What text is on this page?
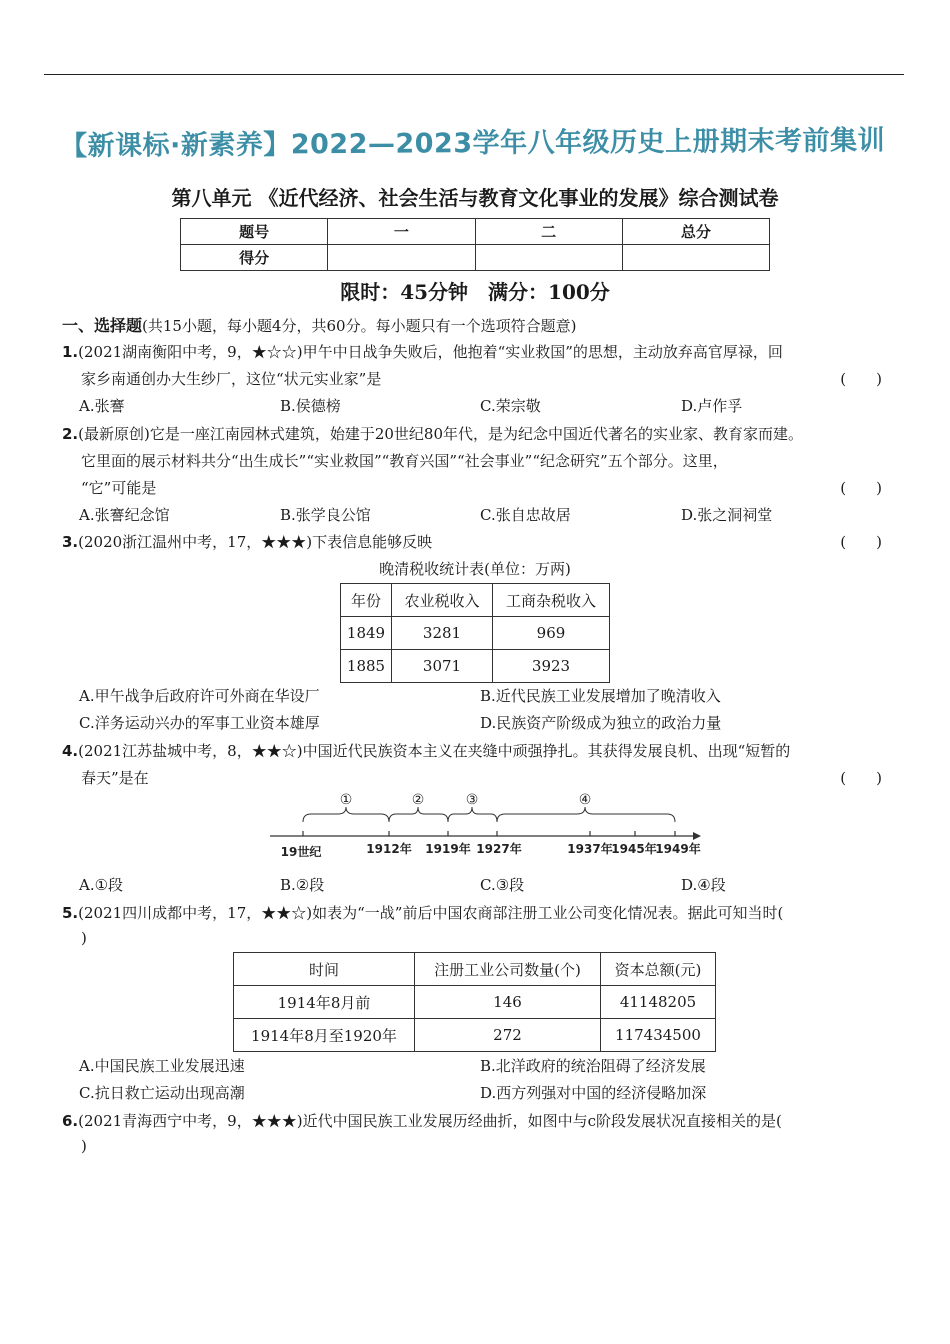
【新课标·新素养】2022—2023学年八年级历史上册期末考前集训
第八单元 《近代经济、社会生活与教育文化事业的发展》综合测试卷
题号	一	二	总分
得分			
限时：45分钟　满分：100分
一、选择题(共15小题，每小题4分，共60分。每小题只有一个选项符合题意)
1.(2021湖南衡阳中考，9，★☆☆)甲午中日战争失败后，他抱着“实业救国”的思想，主动放弃高官厚禄，回
家乡南通创办大生纱厂，这位“状元实业家”是	(　　)
A.张謇	B.侯德榜	C.荣宗敬	D.卢作孚
2.(最新原创)它是一座江南园林式建筑，始建于20世纪80年代，是为纪念中国近代著名的实业家、教育家而建。
它里面的展示材料共分“出生成长”“实业救国”“教育兴国”“社会事业”“纪念研究”五个部分。这里，
“它”可能是	(　　)
A.张謇纪念馆	B.张学良公馆	C.张自忠故居	D.张之洞祠堂
3.(2020浙江温州中考，17，★★★)下表信息能够反映	(　　)
晚清税收统计表(单位：万两)
年份	农业税收入	工商杂税收入
1849	3281	969
1885	3071	3923
A.甲午战争后政府许可外商在华设厂	B.近代民族工业发展增加了晚清收入
C.洋务运动兴办的军事工业资本雄厚	D.民族资产阶级成为独立的政治力量
4.(2021江苏盐城中考，8，★★☆)中国近代民族资本主义在夹缝中顽强挣扎。其获得发展良机、出现“短暂的
春天”是在	(　　)
①	②	③	④
19世纪	1912年 1919年 1927年	1937年
1945年
1949年
A.①段	B.②段	C.③段	D.④段
5.(2021四川成都中考，17，★★☆)如表为“一战”前后中国农商部注册工业公司变化情况表。据此可知当时(
)
时间	注册工业公司数量(个)	资本总额(元)
1914年8月前	146	41148205
1914年8月至1920年	272	117434500
A.中国民族工业发展迅速	B.北洋政府的统治阻碍了经济发展
C.抗日救亡运动出现高潮	D.西方列强对中国的经济侵略加深
6.(2021青海西宁中考，9，★★★)近代中国民族工业发展历经曲折，如图中与c阶段发展状况直接相关的是(
)
